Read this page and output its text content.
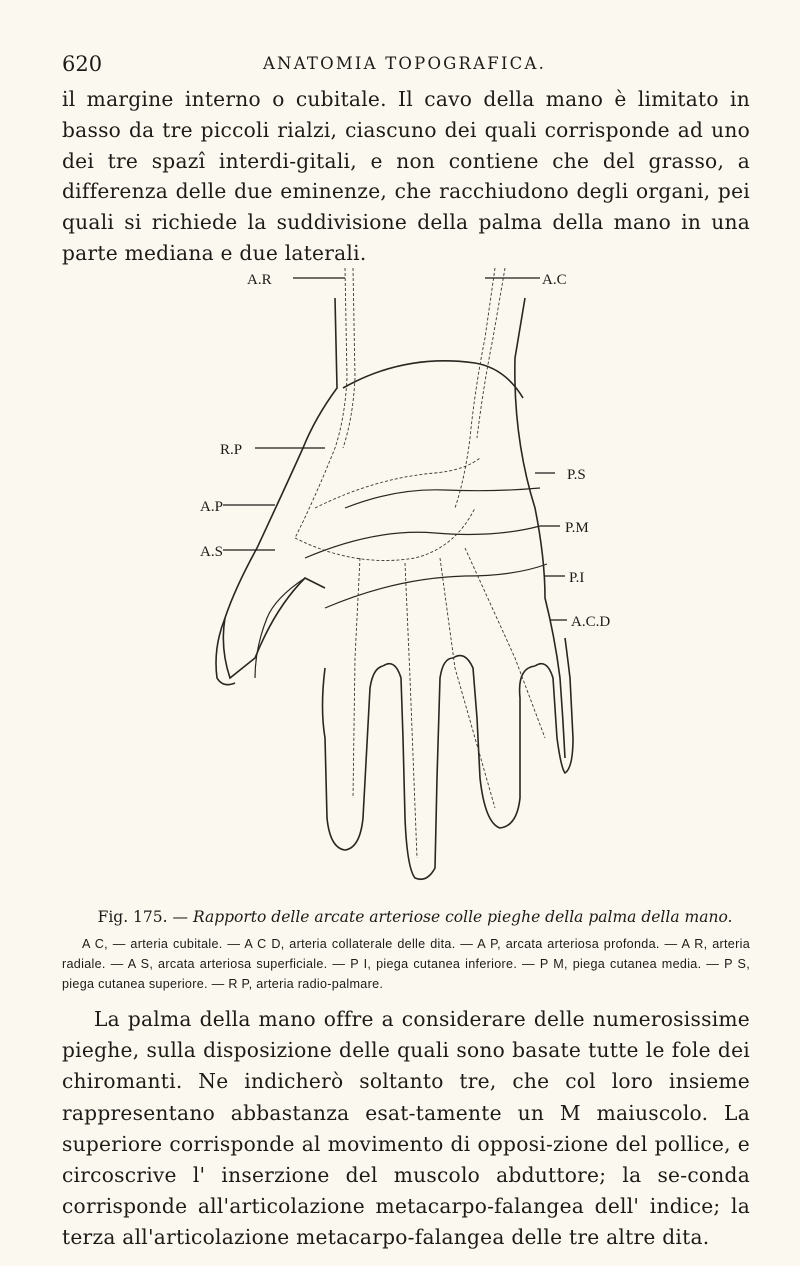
620	ANATOMIA TOPOGRAFICA.

il margine interno o cubitale. Il cavo della mano è limitato in basso da tre piccoli rialzi, ciascuno dei quali corrisponde ad uno dei tre spazî interdi-gitali, e non contiene che del grasso, a differenza delle due eminenze, che racchiudono degli organi, pei quali si richiede la suddivisione della palma della mano in una parte mediana e due laterali.

A.R	A.C
R.P
A.P
A.S
P.S
P.M
P.I
A.C.D
Fig. 175. — Rapporto delle arcate arteriose colle pieghe della palma della mano.

A C, — arteria cubitale. — A C D, arteria collaterale delle dita. — A P, arcata arteriosa profonda. — A R, arteria radiale. — A S, arcata arteriosa superficiale. — P I, piega cutanea inferiore. — P M, piega cutanea media. — P S, piega cutanea superiore. — R P, arteria radio-palmare.

La palma della mano offre a considerare delle numerosissime pieghe, sulla disposizione delle quali sono basate tutte le fole dei chiromanti. Ne indicherò soltanto tre, che col loro insieme rappresentano abbastanza esat-tamente un M maiuscolo. La superiore corrisponde al movimento di opposi-zione del pollice, e circoscrive l' inserzione del muscolo abduttore; la se-conda corrisponde all'articolazione metacarpo-falangea dell' indice; la terza all'articolazione metacarpo-falangea delle tre altre dita.
